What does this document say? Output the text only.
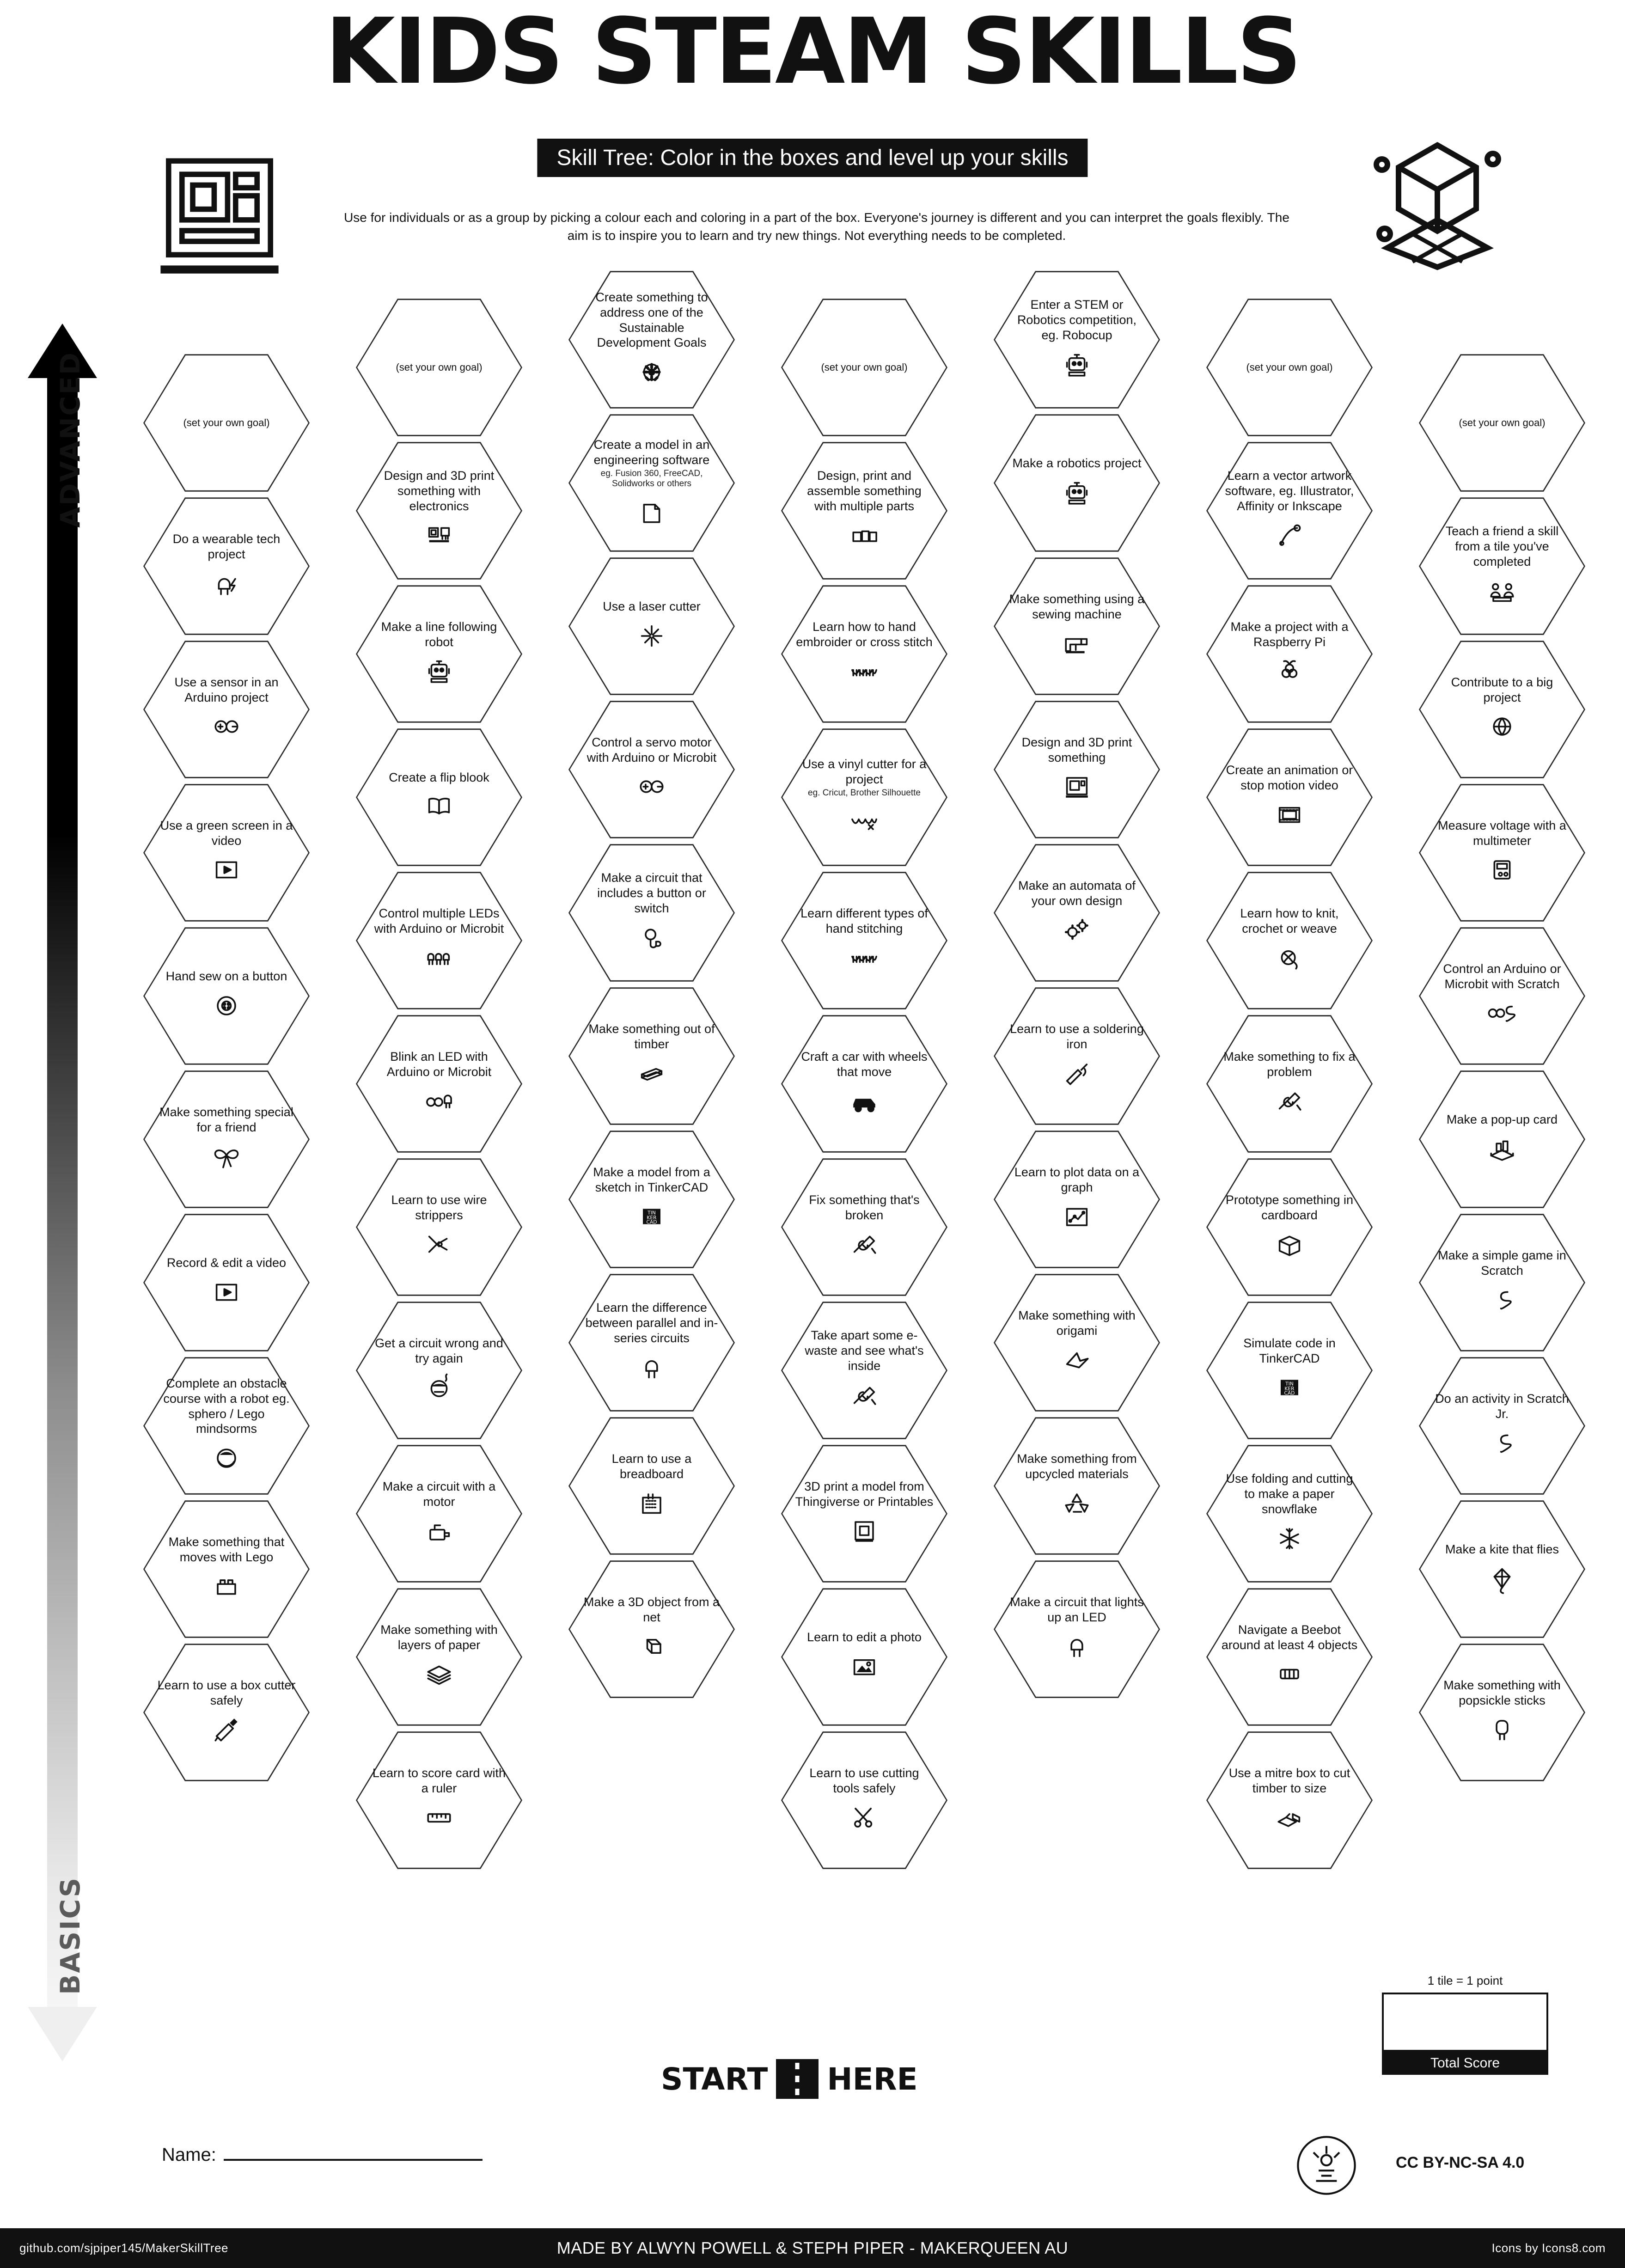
KIDS STEAM SKILLS
Skill Tree: Color in the boxes and level up your skills
Use for individuals or as a group by picking a colour each and coloring in a part of the box. Everyone's journey is different and you can interpret the goals flexibly. The aim is to inspire you to learn and try new things. Not everything needs to be completed.
ADVANCED
BASICS
(set your own goal)
Do a wearable tech project
Use a sensor in an Arduino project
Use a green screen in a video
Hand sew on a button
Make something special for a friend
Record & edit a video
Complete an obstacle course with a robot eg. sphero / Lego mindsorms
Make something that moves with Lego
Learn to use a box cutter safely
(set your own goal)
Design and 3D print something with electronics
Make a line following robot
Create a flip blook
Control multiple LEDs with Arduino or Microbit
Blink an LED with Arduino or Microbit
Learn to use wire strippers
Get a circuit wrong and try again
Make a circuit with a motor
Make something with layers of paper
Learn to score card with a ruler
Create something to address one of the Sustainable Development Goals
Create a model in an engineering software
eg. Fusion 360, FreeCAD, Solidworks or others
Use a laser cutter
Control a servo motor with Arduino or Microbit
Make a circuit that includes a button or switch
Make something out of timber
Make a model from a sketch in TinkerCAD
TIN
KER
CAD
Learn the difference between parallel and in-series circuits
Learn to use a breadboard
Make a 3D object from a net
(set your own goal)
Design, print and assemble something with multiple parts
Learn how to hand embroider or cross stitch
Use a vinyl cutter for a project
eg. Cricut, Brother Silhouette
Learn different types of hand stitching
Craft a car with wheels that move
Fix something that's broken
Take apart some e-waste and see what's inside
3D print a model from Thingiverse or Printables
Learn to edit a photo
Learn to use cutting tools safely
Enter a STEM or Robotics competition, eg. Robocup
Make a robotics project
Make something using a sewing machine
Design and 3D print something
Make an automata of your own design
Learn to use a soldering iron
Learn to plot data on a graph
Make something with origami
Make something from upcycled materials
Make a circuit that lights up an LED
(set your own goal)
Learn a vector artwork software, eg. Illustrator, Affinity or Inkscape
Make a project with a Raspberry Pi
Create an animation or stop motion video
Learn how to knit, crochet or weave
Make something to fix a problem
Prototype something in cardboard
Simulate code in TinkerCAD
TIN
KER
CAD
Use folding and cutting to make a paper snowflake
Navigate a Beebot around at least 4 objects
Use a mitre box to cut timber to size
(set your own goal)
Teach a friend a skill from a tile you've completed
Contribute to a big project
Measure voltage with a multimeter
Control an Arduino or Microbit with Scratch
Make a pop-up card
Make a simple game in Scratch
Do an activity in Scratch Jr.
Make a kite that flies
Make something with popsickle sticks
START HERE
1 tile = 1 point
Total Score
Name:	CC BY-NC-SA 4.0
github.com/sjpiper145/MakerSkillTree	MADE BY ALWYN POWELL & STEPH PIPER - MAKERQUEEN AU	Icons by Icons8.com
